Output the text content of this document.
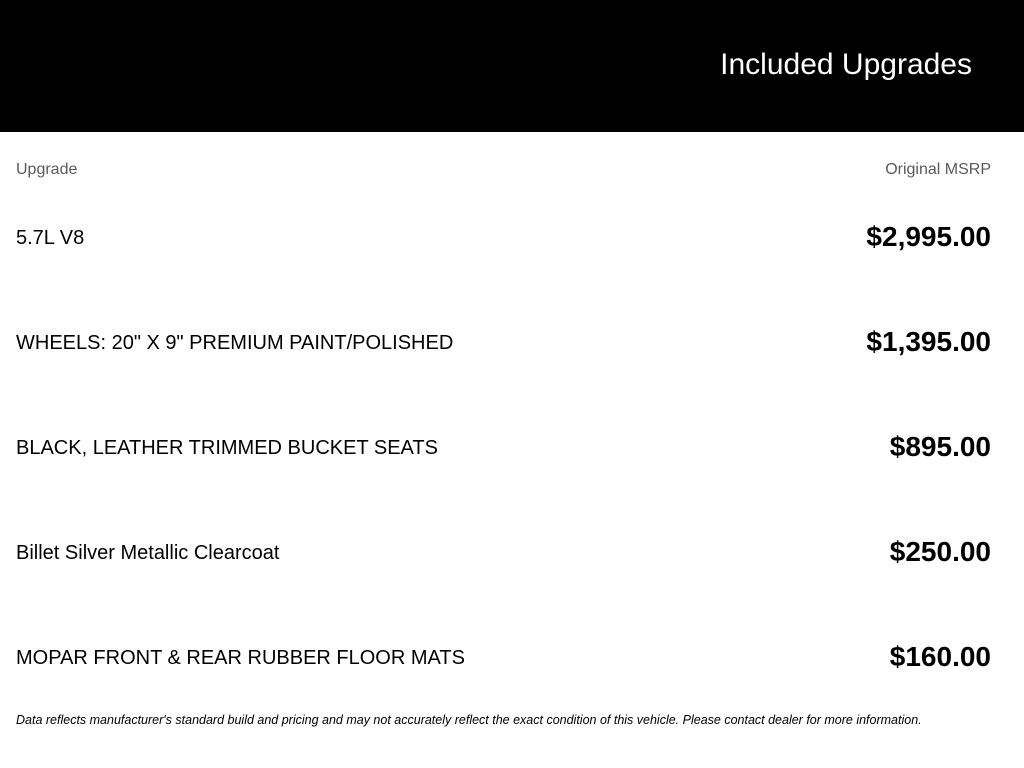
Included Upgrades
Upgrade	Original MSRP
5.7L V8	$2,995.00
WHEELS: 20" X 9" PREMIUM PAINT/POLISHED	$1,395.00
BLACK, LEATHER TRIMMED BUCKET SEATS	$895.00
Billet Silver Metallic Clearcoat	$250.00
MOPAR FRONT & REAR RUBBER FLOOR MATS	$160.00
Data reflects manufacturer's standard build and pricing and may not accurately reflect the exact condition of this vehicle. Please contact dealer for more information.
